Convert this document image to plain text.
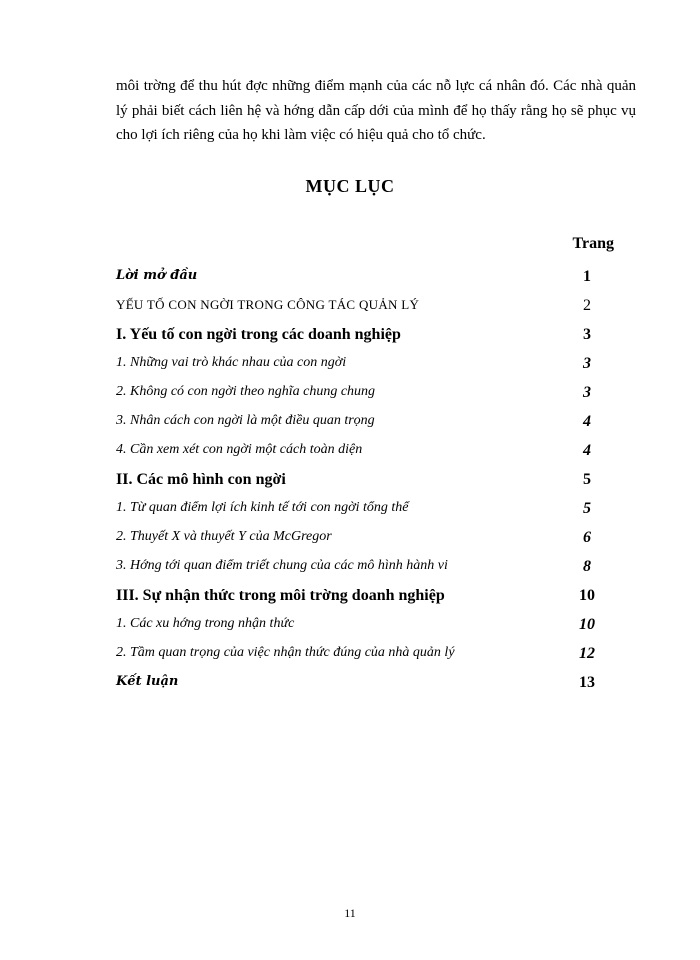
môi trờng để thu hút đợc những điểm mạnh của các nỗ lực cá nhân đó. Các nhà quản lý phải biết cách liên hệ và hớng dẫn cấp dới của mình để họ thấy rằng họ sẽ phục vụ cho lợi ích riêng của họ khi làm việc có hiệu quả cho tổ chức.
MỤC LỤC
Trang
Lời mở đầu	1
YẾU TỐ CON NGỜI TRONG CÔNG TÁC QUẢN LÝ	2
I. Yếu tố con ngời trong các doanh nghiệp	3
1. Những vai trò khác nhau của con ngời	3
2. Không có con ngời theo nghĩa chung chung	3
3. Nhân cách con ngời là một điều quan trọng	4
4. Cần xem xét con ngời một cách toàn diện	4
II. Các mô hình con ngời	5
1. Từ quan điểm lợi ích kinh tế tới con ngời tổng thể	5
2. Thuyết X và thuyết Y của McGregor	6
3. Hớng tới quan điểm triết chung của các mô hình hành vi	8
III. Sự nhận thức trong môi trờng doanh nghiệp	10
1. Các xu hớng trong nhận thức	10
2. Tầm quan trọng của việc nhận thức đúng của nhà quản lý	12
Kết luận	13
11
